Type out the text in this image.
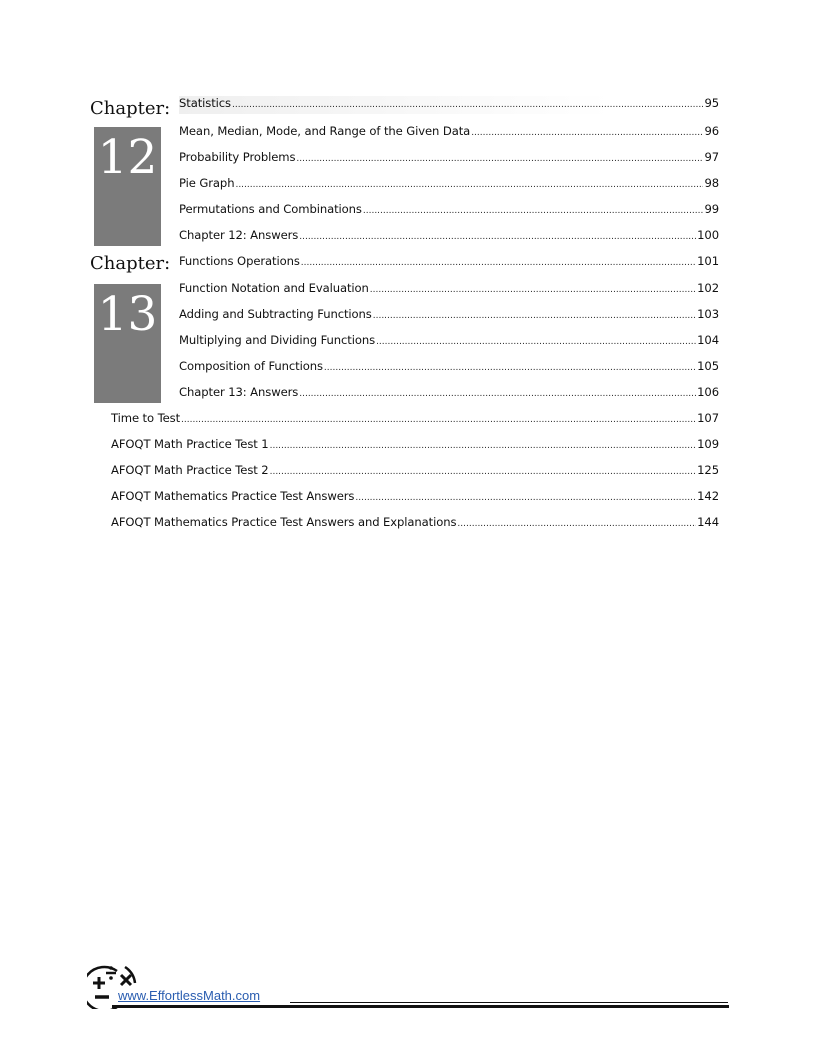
Chapter:
12
Chapter:
13
Statistics .....	95
Mean, Median, Mode, and Range of the Given Data .....	96
Probability Problems .....	97
Pie Graph .....	98
Permutations and Combinations .....	99
Chapter 12: Answers .....	100
Functions Operations .....	101
Function Notation and Evaluation .....	102
Adding and Subtracting Functions .....	103
Multiplying and Dividing Functions .....	104
Composition of Functions .....	105
Chapter 13: Answers .....	106
Time to Test .....	107
AFOQT Math Practice Test 1 .....	109
AFOQT Math Practice Test 2 .....	125
AFOQT Mathematics Practice Test Answers .....	142
AFOQT Mathematics Practice Test Answers and Explanations .....	144
www.EffortlessMath.com
